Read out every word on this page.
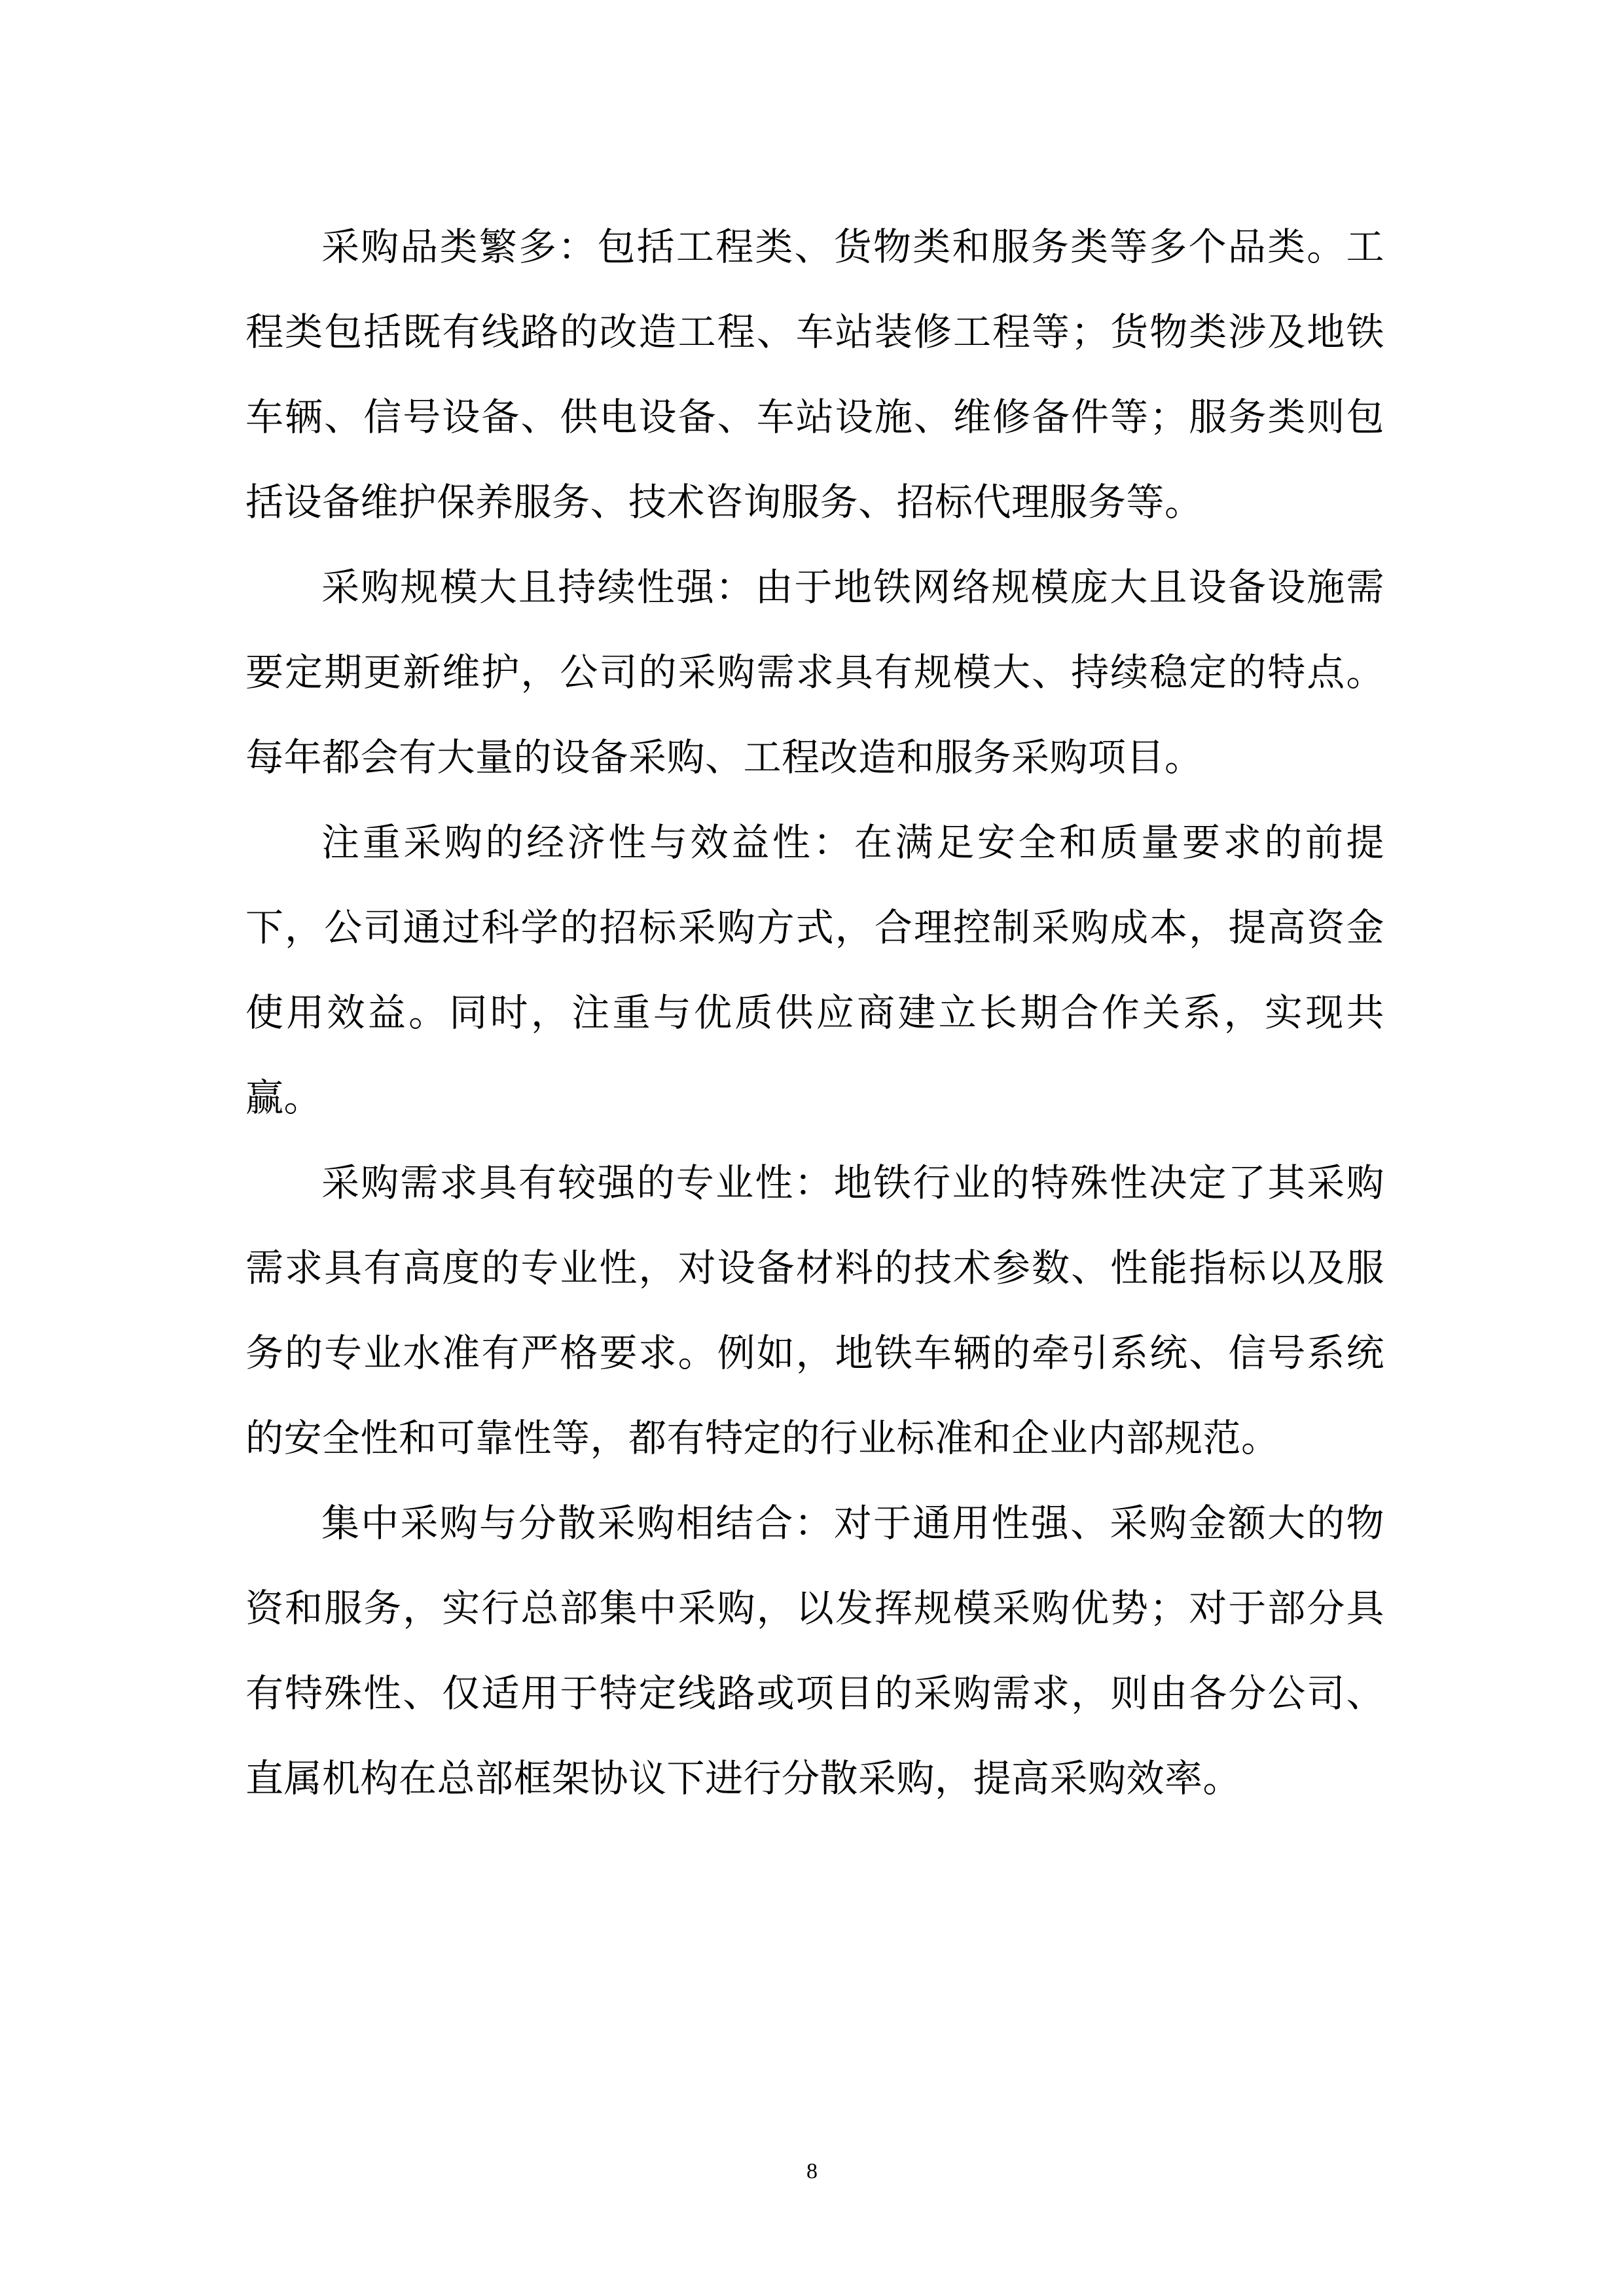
采购品类繁多：包括工程类、货物类和服务类等多个品类。工程类包括既有线路的改造工程、车站装修工程等；货物类涉及地铁车辆、信号设备、供电设备、车站设施、维修备件等；服务类则包括设备维护保养服务、技术咨询服务、招标代理服务等。

采购规模大且持续性强：由于地铁网络规模庞大且设备设施需要定期更新维护，公司的采购需求具有规模大、持续稳定的特点。每年都会有大量的设备采购、工程改造和服务采购项目。

注重采购的经济性与效益性：在满足安全和质量要求的前提下，公司通过科学的招标采购方式，合理控制采购成本，提高资金使用效益。同时，注重与优质供应商建立长期合作关系，实现共赢。

采购需求具有较强的专业性：地铁行业的特殊性决定了其采购需求具有高度的专业性，对设备材料的技术参数、性能指标以及服务的专业水准有严格要求。例如，地铁车辆的牵引系统、信号系统的安全性和可靠性等，都有特定的行业标准和企业内部规范。

集中采购与分散采购相结合：对于通用性强、采购金额大的物资和服务，实行总部集中采购，以发挥规模采购优势；对于部分具有特殊性、仅适用于特定线路或项目的采购需求，则由各分公司、直属机构在总部框架协议下进行分散采购，提高采购效率。

8
